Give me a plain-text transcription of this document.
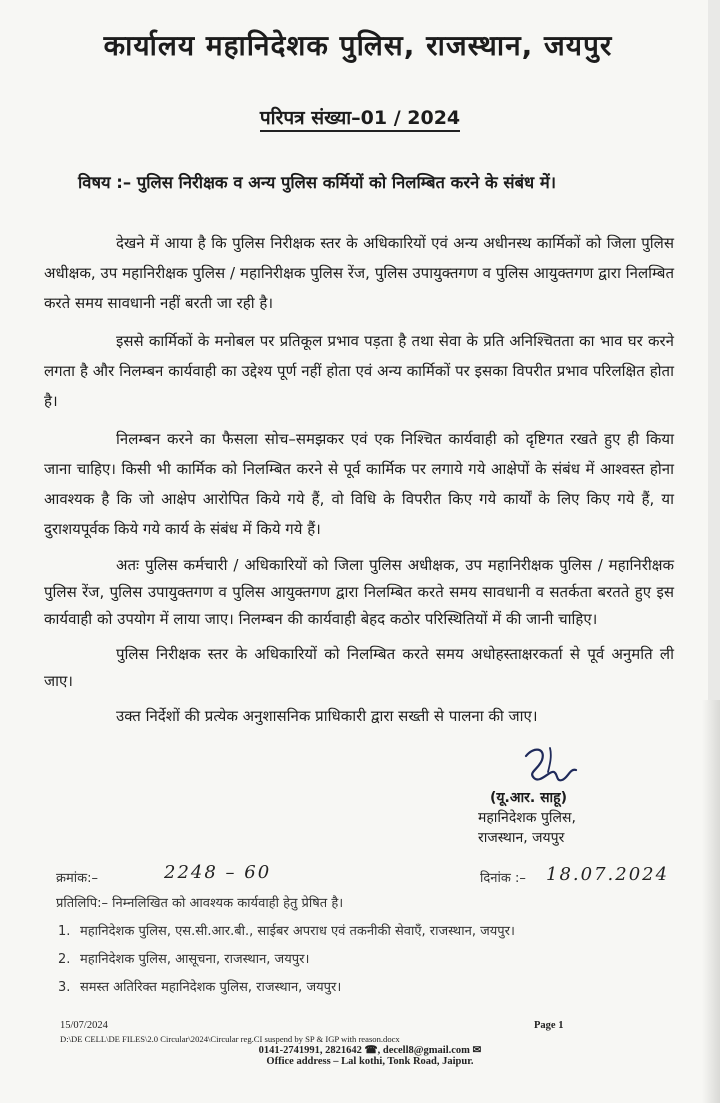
कार्यालय महानिदेशक पुलिस, राजस्थान, जयपुर
परिपत्र संख्या–01 / 2024
विषय :– पुलिस निरीक्षक व अन्य पुलिस कर्मियों को निलम्बित करने के संबंध में।

देखने में आया है कि पुलिस निरीक्षक स्तर के अधिकारियों एवं अन्य अधीनस्थ कार्मिकों को जिला पुलिस अधीक्षक, उप महानिरीक्षक पुलिस / महानिरीक्षक पुलिस रेंज, पुलिस उपायुक्तगण व पुलिस आयुक्तगण द्वारा निलम्बित करते समय सावधानी नहीं बरती जा रही है।

इससे कार्मिकों के मनोबल पर प्रतिकूल प्रभाव पड़ता है तथा सेवा के प्रति अनिश्चितता का भाव घर करने लगता है और निलम्बन कार्यवाही का उद्देश्य पूर्ण नहीं होता एवं अन्य कार्मिकों पर इसका विपरीत प्रभाव परिलक्षित होता है।

निलम्बन करने का फैसला सोच–समझकर एवं एक निश्चित कार्यवाही को दृष्टिगत रखते हुए ही किया जाना चाहिए। किसी भी कार्मिक को निलम्बित करने से पूर्व कार्मिक पर लगाये गये आक्षेपों के संबंध में आश्वस्त होना आवश्यक है कि जो आक्षेप आरोपित किये गये हैं, वो विधि के विपरीत किए गये कार्यों के लिए किए गये हैं, या दुराशयपूर्वक किये गये कार्य के संबंध में किये गये हैं।

अतः पुलिस कर्मचारी / अधिकारियों को जिला पुलिस अधीक्षक, उप महानिरीक्षक पुलिस / महानिरीक्षक पुलिस रेंज, पुलिस उपायुक्तगण व पुलिस आयुक्तगण द्वारा निलम्बित करते समय सावधानी व सतर्कता बरतते हुए इस कार्यवाही को उपयोग में लाया जाए। निलम्बन की कार्यवाही बेहद कठोर परिस्थितियों में की जानी चाहिए।

पुलिस निरीक्षक स्तर के अधिकारियों को निलम्बित करते समय अधोहस्ताक्षरकर्ता से पूर्व अनुमति ली जाए।

उक्त निर्देशों की प्रत्येक अनुशासनिक प्राधिकारी द्वारा सख्ती से पालना की जाए।

(यू.आर. साहू)
महानिदेशक पुलिस,
राजस्थान, जयपुर
क्रमांक:–	2248 – 60	दिनांक :– 18.07.2024
प्रतिलिपि:– निम्नलिखित को आवश्यक कार्यवाही हेतु प्रेषित है।
1. महानिदेशक पुलिस, एस.सी.आर.बी., साईबर अपराध एवं तकनीकी सेवाएँ, राजस्थान, जयपुर।
2. महानिदेशक पुलिस, आसूचना, राजस्थान, जयपुर।
3. समस्त अतिरिक्त महानिदेशक पुलिस, राजस्थान, जयपुर।
15/07/2024	Page 1
D:\DE CELL\DE FILES\2.0 Circular\2024\Circular reg.CI suspend by SP & IGP with reason.docx
0141-2741991, 2821642 ☎, decell8@gmail.com ✉
Office address – Lal kothi, Tonk Road, Jaipur.
